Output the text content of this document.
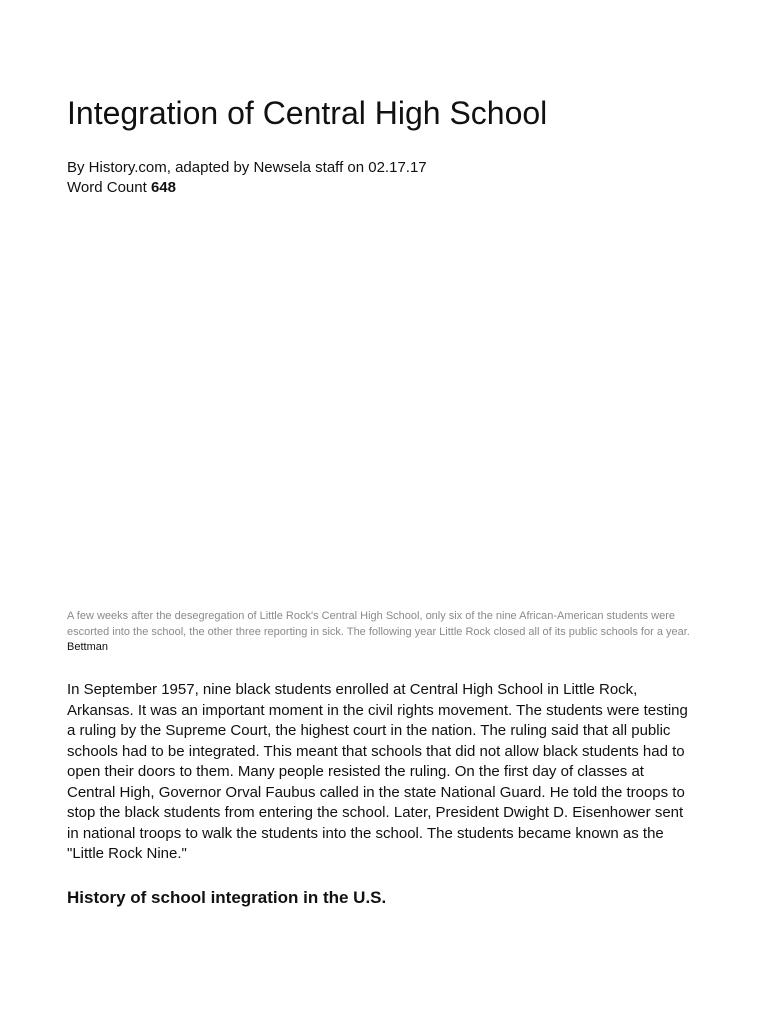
Integration of Central High School
By History.com, adapted by Newsela staff on 02.17.17
Word Count 648
A few weeks after the desegregation of Little Rock's Central High School, only six of the nine African-American students were escorted into the school, the other three reporting in sick. The following year Little Rock closed all of its public schools for a year. Bettman

In September 1957, nine black students enrolled at Central High School in Little Rock, Arkansas. It was an important moment in the civil rights movement. The students were testing a ruling by the Supreme Court, the highest court in the nation. The ruling said that all public schools had to be integrated. This meant that schools that did not allow black students had to open their doors to them. Many people resisted the ruling. On the first day of classes at Central High, Governor Orval Faubus called in the state National Guard. He told the troops to stop the black students from entering the school. Later, President Dwight D. Eisenhower sent in national troops to walk the students into the school. The students became known as the "Little Rock Nine."

History of school integration in the U.S.
